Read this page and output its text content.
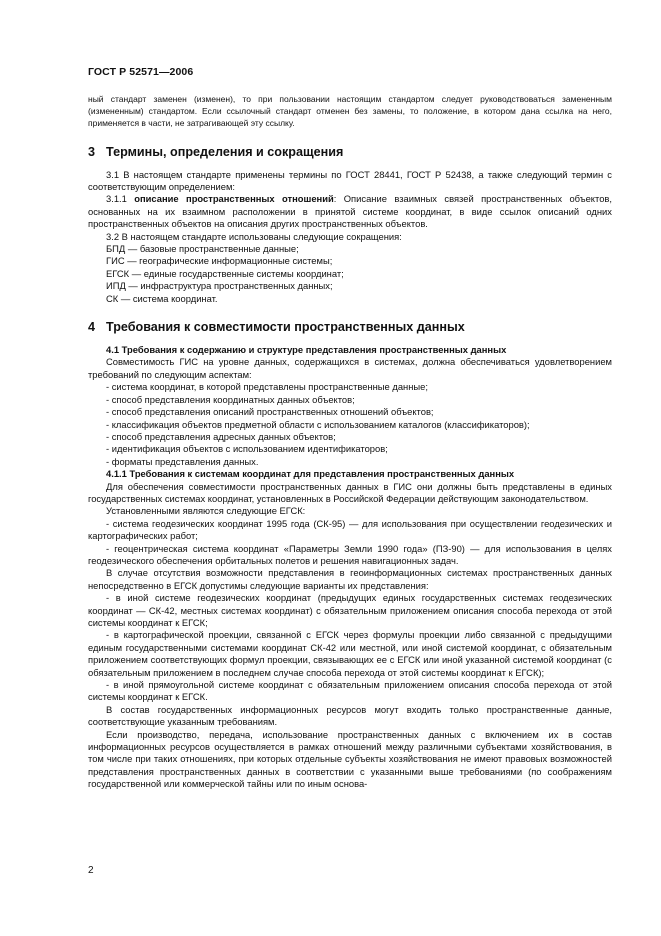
ГОСТ Р 52571—2006

ный стандарт заменен (изменен), то при пользовании настоящим стандартом следует руководствоваться замененным (измененным) стандартом. Если ссылочный стандарт отменен без замены, то положение, в котором дана ссылка на него, применяется в части, не затрагивающей эту ссылку.

3 Термины, определения и сокращения

3.1 В настоящем стандарте применены термины по ГОСТ 28441, ГОСТ Р 52438, а также следующий термин с соответствующим определением:

3.1.1 описание пространственных отношений: Описание взаимных связей пространственных объектов, основанных на их взаимном расположении в принятой системе координат, в виде ссылок описаний одних пространственных объектов на описания других пространственных объектов.

3.2 В настоящем стандарте использованы следующие сокращения:

БПД — базовые пространственные данные;

ГИС — географические информационные системы;

ЕГСК — единые государственные системы координат;

ИПД — инфраструктура пространственных данных;

СК — система координат.

4 Требования к совместимости пространственных данных

4.1 Требования к содержанию и структуре представления пространственных данных

Совместимость ГИС на уровне данных, содержащихся в системах, должна обеспечиваться удовлетворением требований по следующим аспектам:

- система координат, в которой представлены пространственные данные;

- способ представления координатных данных объектов;

- способ представления описаний пространственных отношений объектов;

- классификация объектов предметной области с использованием каталогов (классификаторов);

- способ представления адресных данных объектов;

- идентификация объектов с использованием идентификаторов;

- форматы представления данных.

4.1.1 Требования к системам координат для представления пространственных данных

Для обеспечения совместимости пространственных данных в ГИС они должны быть представлены в единых государственных системах координат, установленных в Российской Федерации действующим законодательством.

Установленными являются следующие ЕГСК:

- система геодезических координат 1995 года (СК-95) — для использования при осуществлении геодезических и картографических работ;

- геоцентрическая система координат «Параметры Земли 1990 года» (ПЗ-90) — для использования в целях геодезического обеспечения орбитальных полетов и решения навигационных задач.

В случае отсутствия возможности представления в геоинформационных системах пространственных данных непосредственно в ЕГСК допустимы следующие варианты их представления:

- в иной системе геодезических координат (предыдущих единых государственных системах геодезических координат — СК-42, местных системах координат) с обязательным приложением описания способа перехода от этой системы координат к ЕГСК;

- в картографической проекции, связанной с ЕГСК через формулы проекции либо связанной с предыдущими единым государственными системами координат СК-42 или местной, или иной системой координат, с обязательным приложением соответствующих формул проекции, связывающих ее с ЕГСК или иной указанной системой координат (с обязательным приложением в последнем случае способа перехода от этой системы координат к ЕГСК);

- в иной прямоугольной системе координат с обязательным приложением описания способа перехода от этой системы координат к ЕГСК.

В состав государственных информационных ресурсов могут входить только пространственные данные, соответствующие указанным требованиям.

Если производство, передача, использование пространственных данных с включением их в состав информационных ресурсов осуществляется в рамках отношений между различными субъектами хозяйствования, в том числе при таких отношениях, при которых отдельные субъекты хозяйствования не имеют правовых возможностей представления пространственных данных в соответствии с указанными выше требованиями (по соображениям государственной или коммерческой тайны или по иным основа-

2
